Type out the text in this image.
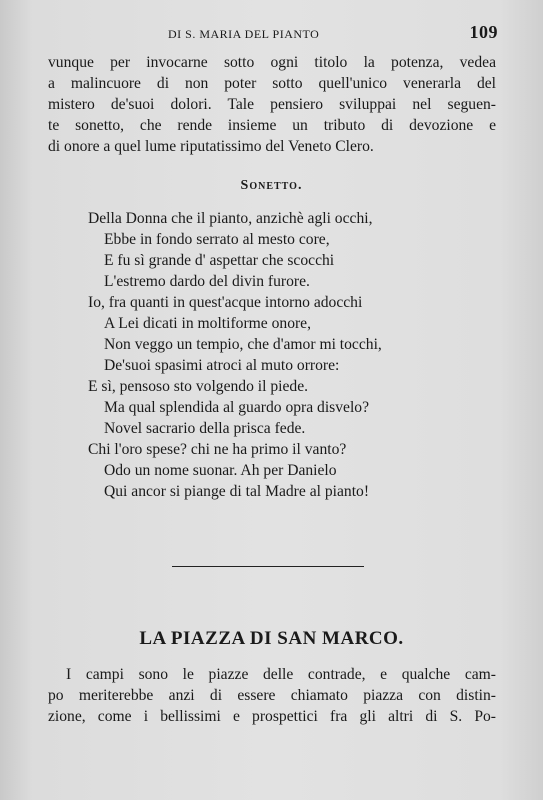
DI S. MARIA DEL PIANTO	109
vunque per invocarne sotto ogni titolo la potenza, vedea
a malincuore di non poter sotto quell'unico venerarla del
mistero de'suoi dolori. Tale pensiero sviluppai nel seguen-
te sonetto, che rende insieme un tributo di devozione e
di onore a quel lume riputatissimo del Veneto Clero.
Sonetto.
Della Donna che il pianto, anzichè agli occhi,
Ebbe in fondo serrato al mesto core,
E fu sì grande d' aspettar che scocchi
L'estremo dardo del divin furore.
Io, fra quanti in quest'acque intorno adocchi
A Lei dicati in moltiforme onore,
Non veggo un tempio, che d'amor mi tocchi,
De'suoi spasimi atroci al muto orrore:
E sì, pensoso sto volgendo il piede.
Ma qual splendida al guardo opra disvelo?
Novel sacrario della prisca fede.
Chi l'oro spese? chi ne ha primo il vanto?
Odo un nome suonar. Ah per Danielo
Qui ancor si piange di tal Madre al pianto!
LA PIAZZA DI SAN MARCO.
I campi sono le piazze delle contrade, e qualche cam-
po meriterebbe anzi di essere chiamato piazza con distin-
zione, come i bellissimi e prospettici fra gli altri di S. Po-
